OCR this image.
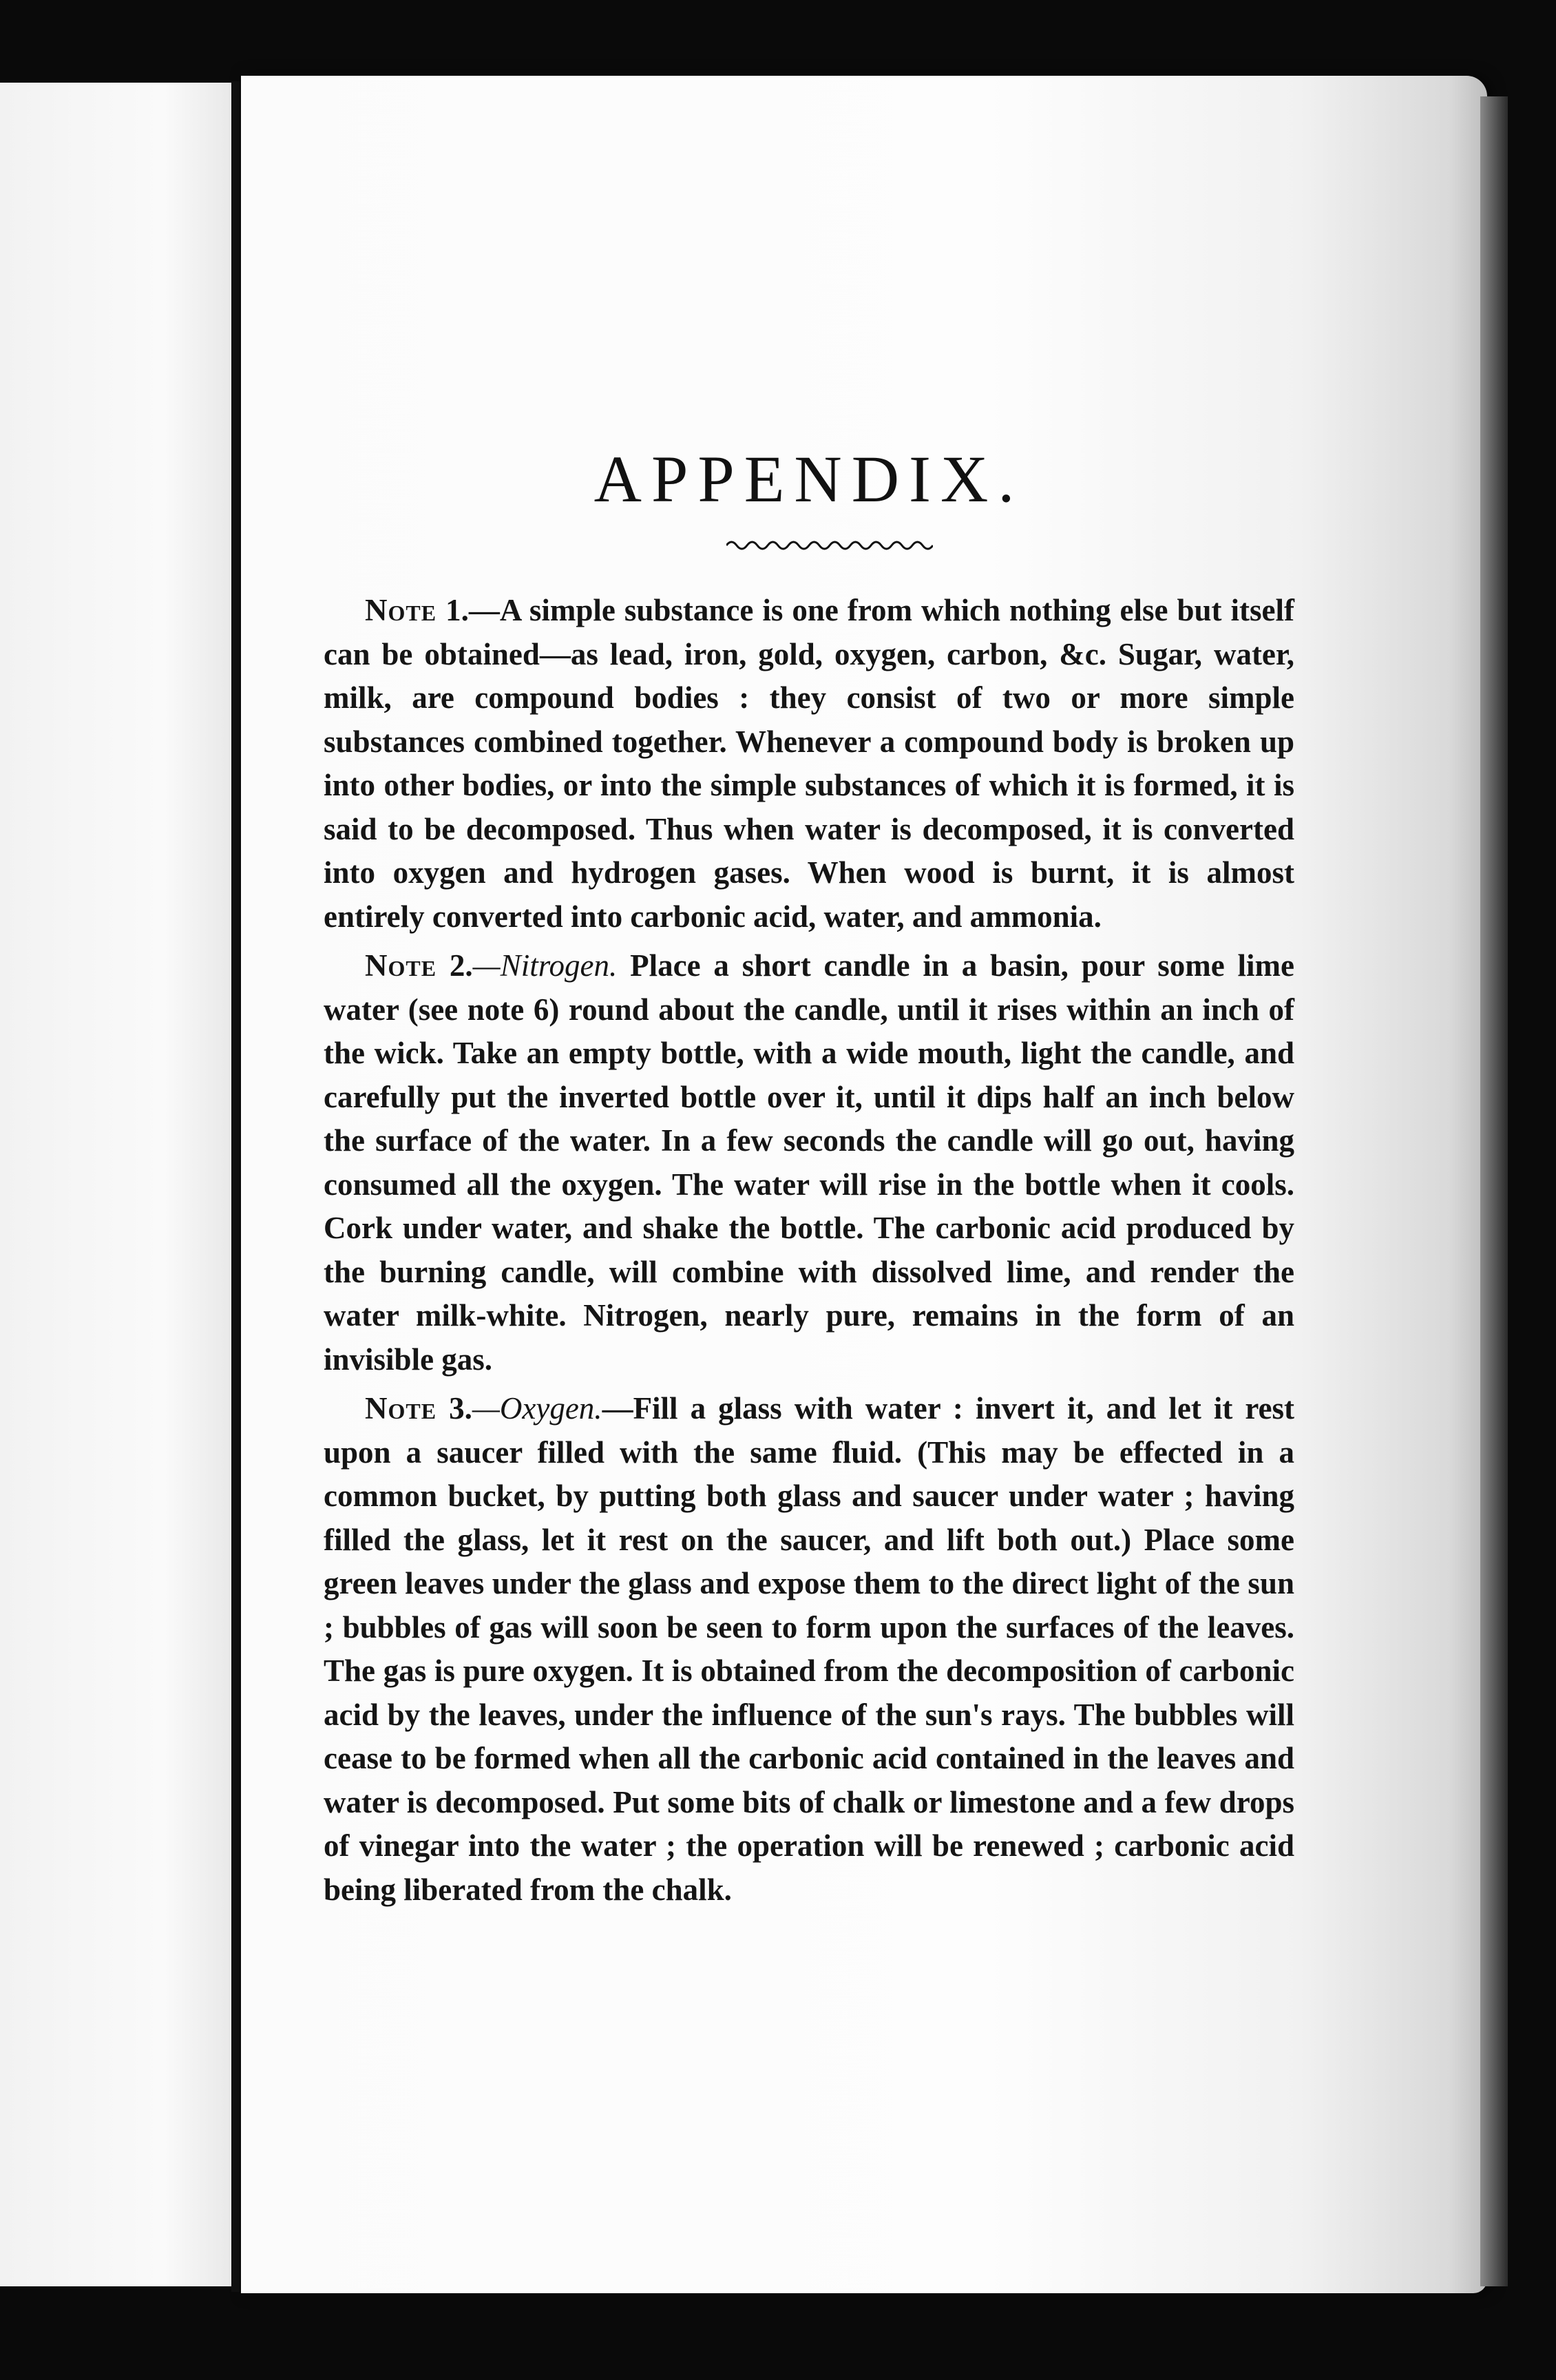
APPENDIX.

Note 1.—A simple substance is one from which nothing else but itself can be obtained—as lead, iron, gold, oxygen, carbon, &c. Sugar, water, milk, are compound bodies : they consist of two or more simple substances combined together. Whenever a compound body is broken up into other bodies, or into the simple substances of which it is formed, it is said to be decomposed. Thus when water is decomposed, it is converted into oxygen and hydrogen gases. When wood is burnt, it is almost entirely converted into carbonic acid, water, and ammonia.

Note 2.—Nitrogen. Place a short candle in a basin, pour some lime water (see note 6) round about the candle, until it rises within an inch of the wick. Take an empty bottle, with a wide mouth, light the candle, and carefully put the inverted bottle over it, until it dips half an inch below the surface of the water. In a few seconds the candle will go out, having consumed all the oxygen. The water will rise in the bottle when it cools. Cork under water, and shake the bottle. The carbonic acid produced by the burning candle, will combine with dissolved lime, and render the water milk-white. Nitrogen, nearly pure, remains in the form of an invisible gas.

Note 3.—Oxygen.—Fill a glass with water : invert it, and let it rest upon a saucer filled with the same fluid. (This may be effected in a common bucket, by putting both glass and saucer under water ; having filled the glass, let it rest on the saucer, and lift both out.) Place some green leaves under the glass and expose them to the direct light of the sun ; bubbles of gas will soon be seen to form upon the surfaces of the leaves. The gas is pure oxygen. It is obtained from the decomposition of carbonic acid by the leaves, under the influence of the sun's rays. The bubbles will cease to be formed when all the carbonic acid contained in the leaves and water is decomposed. Put some bits of chalk or limestone and a few drops of vinegar into the water ; the operation will be renewed ; carbonic acid being liberated from the chalk.
